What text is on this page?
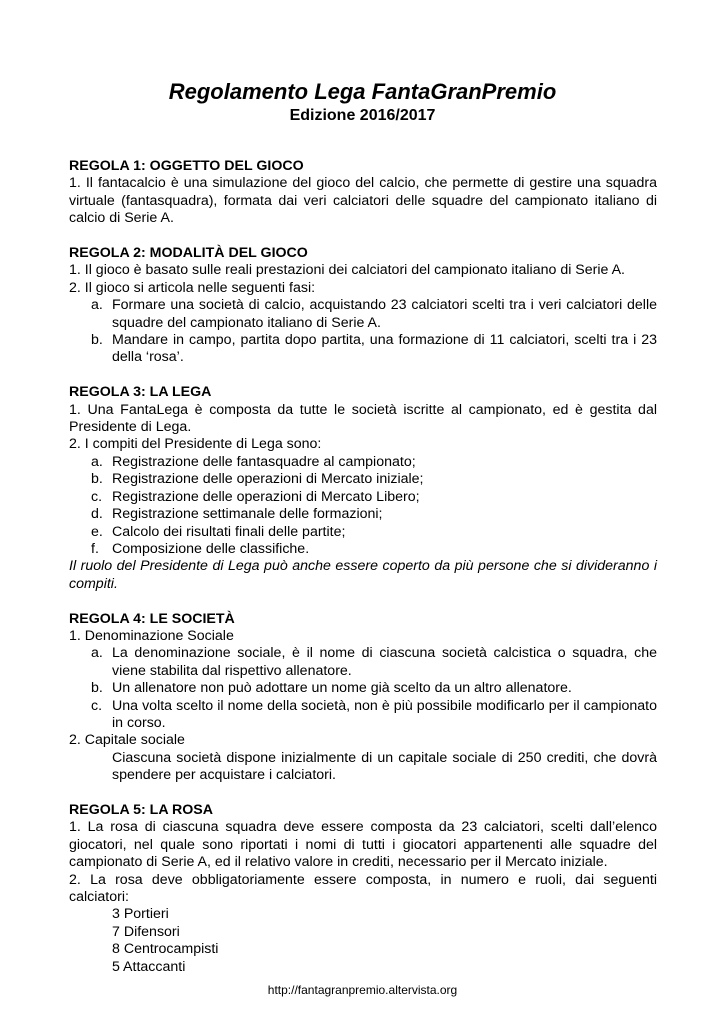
Regolamento Lega FantaGranPremio
Edizione 2016/2017
REGOLA 1: OGGETTO DEL GIOCO
1. Il fantacalcio è una simulazione del gioco del calcio, che permette di gestire una squadra virtuale (fantasquadra), formata dai veri calciatori delle squadre del campionato italiano di calcio di Serie A.
REGOLA 2: MODALITÀ DEL GIOCO
1. Il gioco è basato sulle reali prestazioni dei calciatori del campionato italiano di Serie A.
2. Il gioco si articola nelle seguenti fasi:
a. Formare una società di calcio, acquistando 23 calciatori scelti tra i veri calciatori delle squadre del campionato italiano di Serie A.
b. Mandare in campo, partita dopo partita, una formazione di 11 calciatori, scelti tra i 23 della ‘rosa’.
REGOLA 3: LA LEGA
1. Una FantaLega è composta da tutte le società iscritte al campionato, ed è gestita dal Presidente di Lega.
2. I compiti del Presidente di Lega sono:
a. Registrazione delle fantasquadre al campionato;
b. Registrazione delle operazioni di Mercato iniziale;
c. Registrazione delle operazioni di Mercato Libero;
d. Registrazione settimanale delle formazioni;
e. Calcolo dei risultati finali delle partite;
f. Composizione delle classifiche.
Il ruolo del Presidente di Lega può anche essere coperto da più persone che si divideranno i compiti.
REGOLA 4: LE SOCIETÀ
1. Denominazione Sociale
a. La denominazione sociale, è il nome di ciascuna società calcistica o squadra, che viene stabilita dal rispettivo allenatore.
b. Un allenatore non può adottare un nome già scelto da un altro allenatore.
c. Una volta scelto il nome della società, non è più possibile modificarlo per il campionato in corso.
2. Capitale sociale
Ciascuna società dispone inizialmente di un capitale sociale di 250 crediti, che dovrà spendere per acquistare i calciatori.
REGOLA 5: LA ROSA
1. La rosa di ciascuna squadra deve essere composta da 23 calciatori, scelti dall’elenco giocatori, nel quale sono riportati i nomi di tutti i giocatori appartenenti alle squadre del campionato di Serie A, ed il relativo valore in crediti, necessario per il Mercato iniziale.
2. La rosa deve obbligatoriamente essere composta, in numero e ruoli, dai seguenti calciatori:
3 Portieri
7 Difensori
8 Centrocampisti
5 Attaccanti
http://fantagranpremio.altervista.org
